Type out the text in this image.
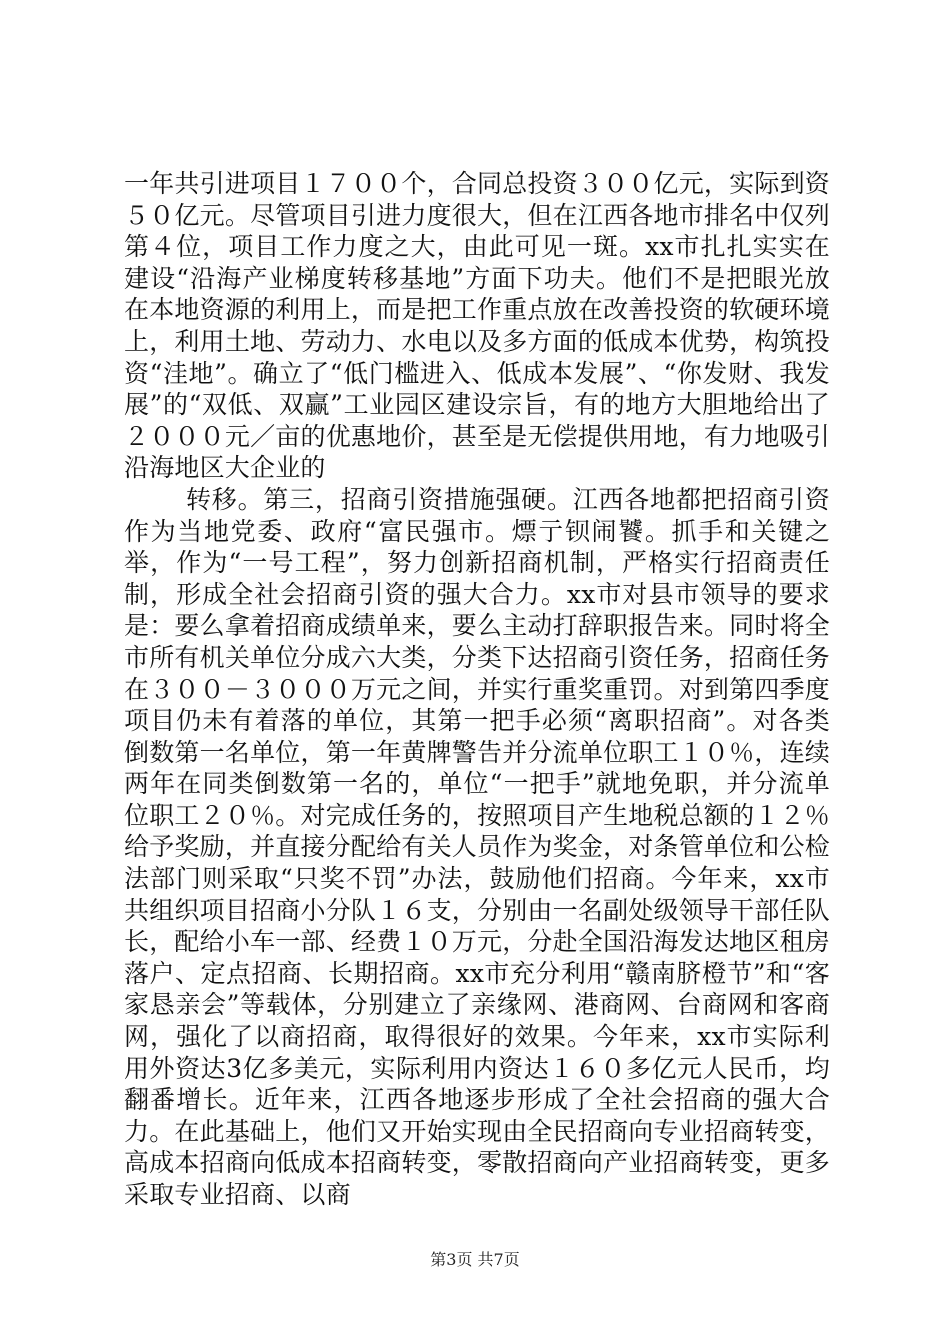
一年共引进项目１７００个，合同总投资３００亿元，实际到资５０亿元。尽管项目引进力度很大，但在江西各地市排名中仅列第４位，项目工作力度之大，由此可见一斑。xx市扎扎实实在建设“沿海产业梯度转移基地”方面下功夫。他们不是把眼光放在本地资源的利用上，而是把工作重点放在改善投资的软硬环境上，利用土地、劳动力、水电以及多方面的低成本优势，构筑投资“洼地”。确立了“低门槛进入、低成本发展”、“你发财、我发展”的“双低、双赢”工业园区建设宗旨，有的地方大胆地给出了２０００元／亩的优惠地价，甚至是无偿提供用地，有力地吸引沿海地区大企业的

转移。第三，招商引资措施强硬。江西各地都把招商引资作为当地党委、政府“富民强市。熛亍钡闹饕。抓手和关键之举，作为“一号工程”，努力创新招商机制，严格实行招商责任制，形成全社会招商引资的强大合力。xx市对县市领导的要求是：要么拿着招商成绩单来，要么主动打辞职报告来。同时将全市所有机关单位分成六大类，分类下达招商引资任务，招商任务在３００－３０００万元之间，并实行重奖重罚。对到第四季度项目仍未有着落的单位，其第一把手必须“离职招商”。对各类倒数第一名单位，第一年黄牌警告并分流单位职工１０％，连续两年在同类倒数第一名的，单位“一把手”就地免职，并分流单位职工２０％。对完成任务的，按照项目产生地税总额的１２％给予奖励，并直接分配给有关人员作为奖金，对条管单位和公检法部门则采取“只奖不罚”办法，鼓励他们招商。今年来，xx市共组织项目招商小分队１６支，分别由一名副处级领导干部任队长，配给小车一部、经费１０万元，分赴全国沿海发达地区租房落户、定点招商、长期招商。xx市充分利用“赣南脐橙节”和“客家恳亲会”等载体，分别建立了亲缘网、港商网、台商网和客商网，强化了以商招商，取得很好的效果。今年来，xx市实际利用外资达3亿多美元，实际利用内资达１６０多亿元人民币，均翻番增长。近年来，江西各地逐步形成了全社会招商的强大合力。在此基础上，他们又开始实现由全民招商向专业招商转变，高成本招商向低成本招商转变，零散招商向产业招商转变，更多采取专业招商、以商

第3页 共7页
